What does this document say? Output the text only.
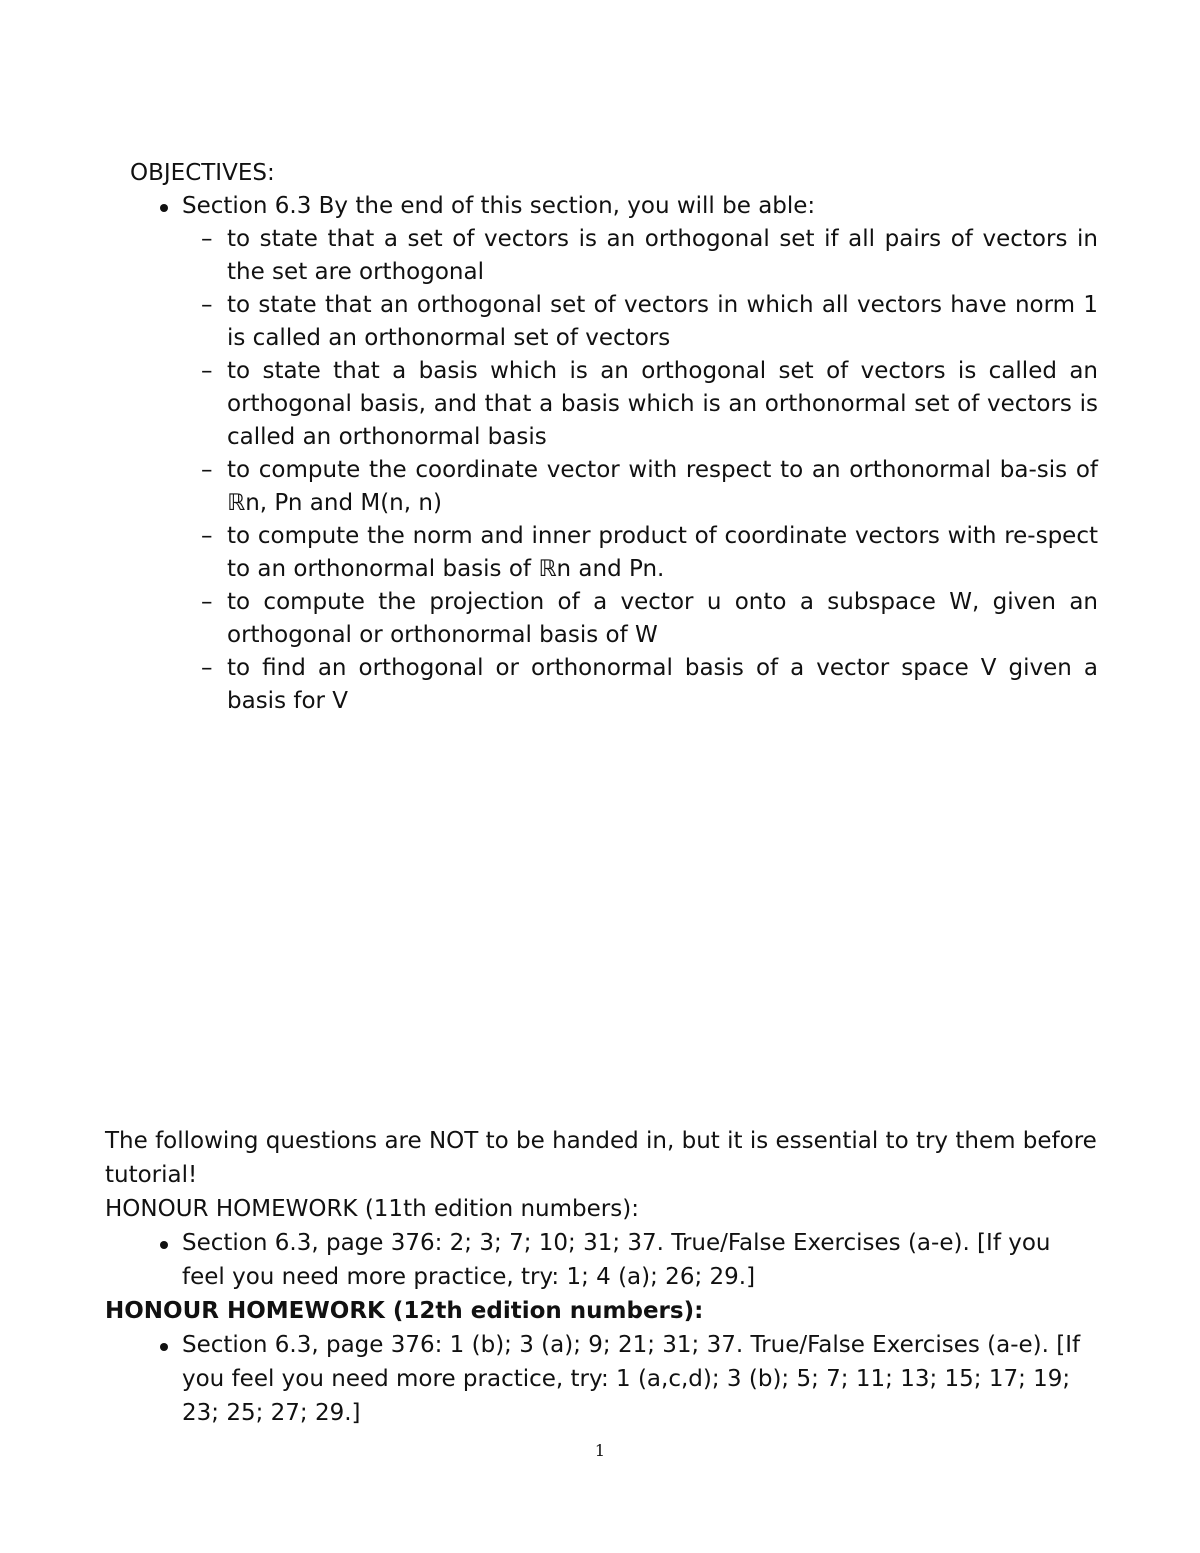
OBJECTIVES:
Section 6.3 By the end of this section, you will be able:
– to state that a set of vectors is an orthogonal set if all pairs of vectors in the set are orthogonal
– to state that an orthogonal set of vectors in which all vectors have norm 1 is called an orthonormal set of vectors
– to state that a basis which is an orthogonal set of vectors is called an orthogonal basis, and that a basis which is an orthonormal set of vectors is called an orthonormal basis
– to compute the coordinate vector with respect to an orthonormal ba-sis of ℝn, Pn and M(n, n)
– to compute the norm and inner product of coordinate vectors with re-spect to an orthonormal basis of ℝn and Pn.
– to compute the projection of a vector u onto a subspace W, given an orthogonal or orthonormal basis of W
– to find an orthogonal or orthonormal basis of a vector space V given a basis for V
The following questions are NOT to be handed in, but it is essential to try them before tutorial!
HONOUR HOMEWORK (11th edition numbers):
Section 6.3, page 376: 2; 3; 7; 10; 31; 37. True/False Exercises (a-e). [If you feel you need more practice, try: 1; 4 (a); 26; 29.]
HONOUR HOMEWORK (12th edition numbers):
Section 6.3, page 376: 1 (b); 3 (a); 9; 21; 31; 37. True/False Exercises (a-e). [If you feel you need more practice, try: 1 (a,c,d); 3 (b); 5; 7; 11; 13; 15; 17; 19; 23; 25; 27; 29.]
1
